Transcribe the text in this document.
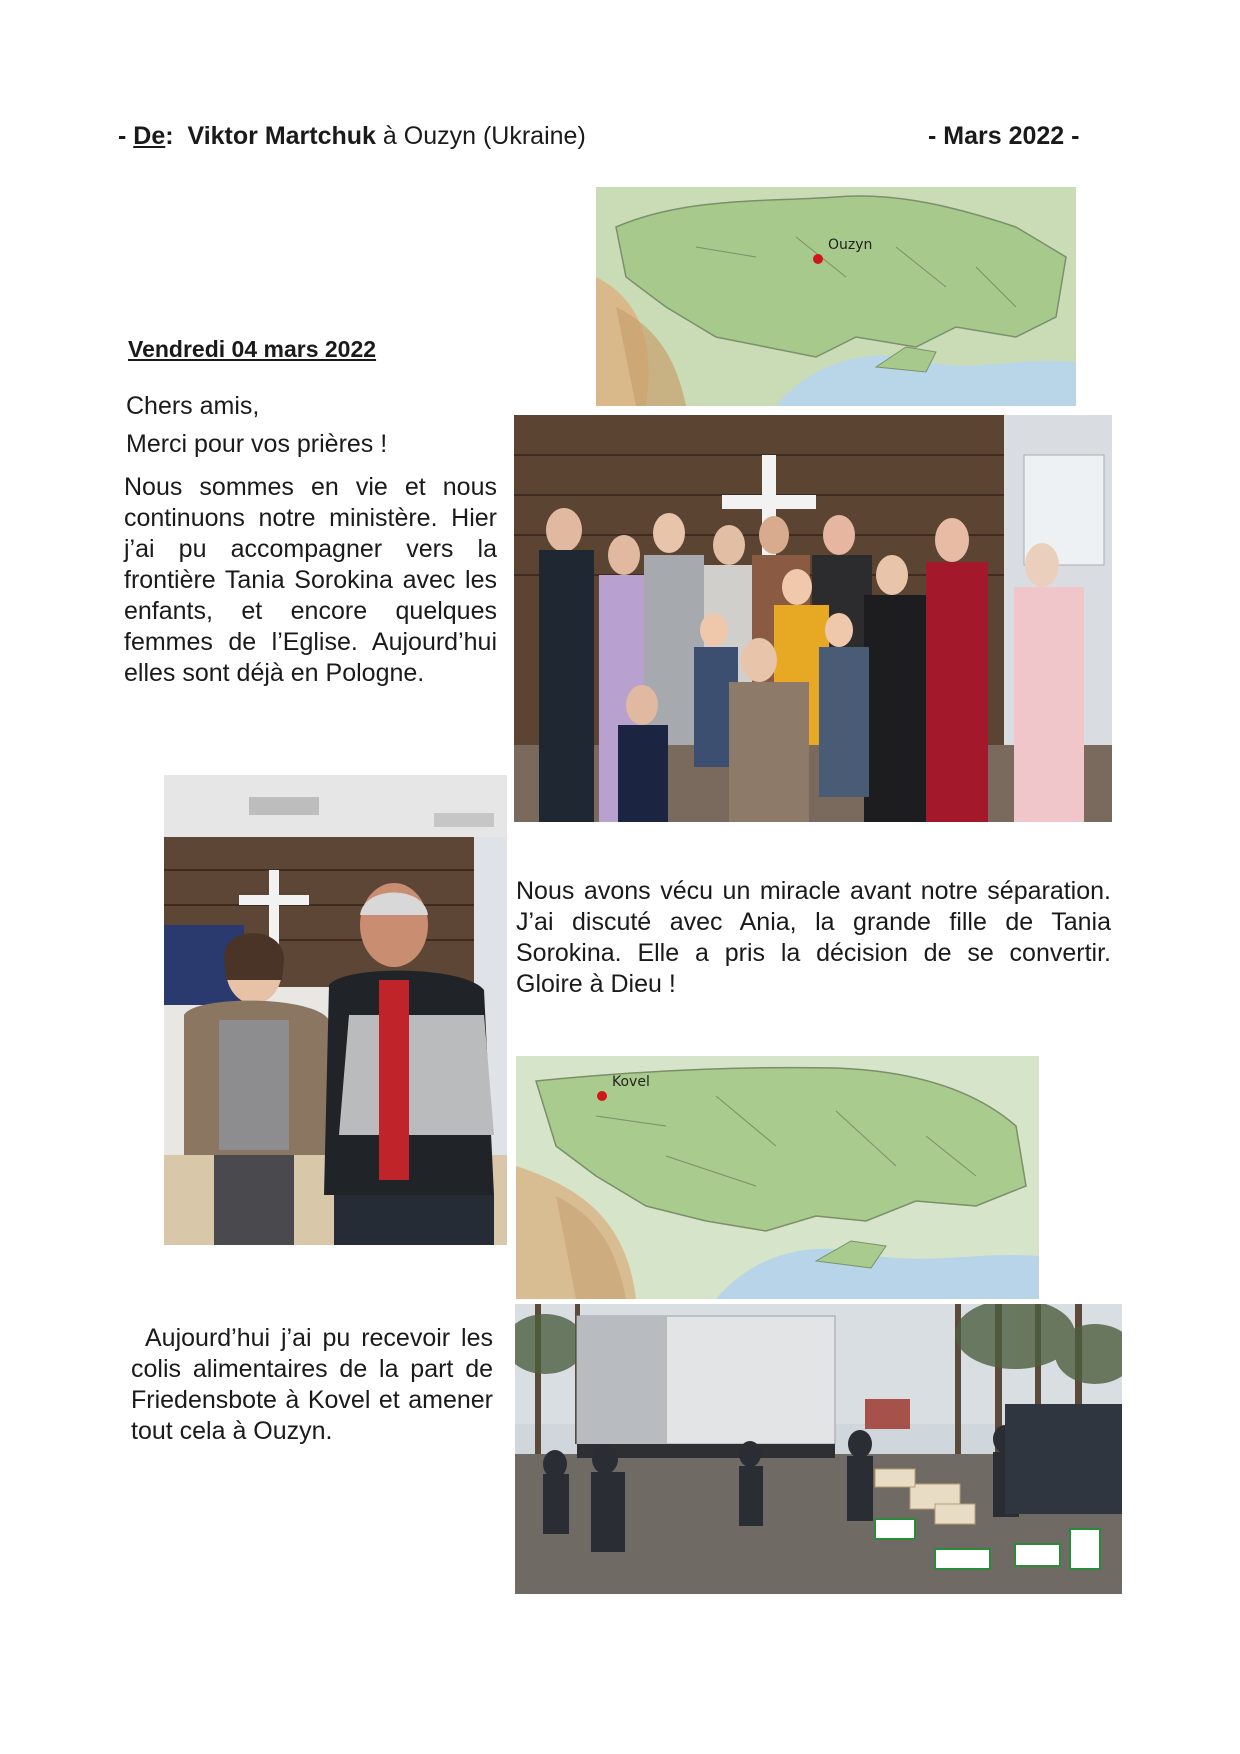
- De: Viktor Martchuk à Ouzyn (Ukraine)	- Mars 2022 -
Ouzyn
Vendredi 04 mars 2022
Chers amis,
Merci pour vos prières !
Nous sommes en vie et nous continuons notre ministère. Hier j’ai pu accompagner vers la frontière Tania Sorokina avec les enfants, et encore quelques femmes de l’Eglise. Aujourd’hui elles sont déjà en Pologne.
Nous avons vécu un miracle avant notre séparation. J’ai discuté avec Ania, la grande fille de Tania Sorokina. Elle a pris la décision de se convertir. Gloire à Dieu !
Kovel
Aujourd’hui j’ai pu recevoir les colis alimentaires de la part de Friedensbote à Kovel et amener tout cela à Ouzyn.
